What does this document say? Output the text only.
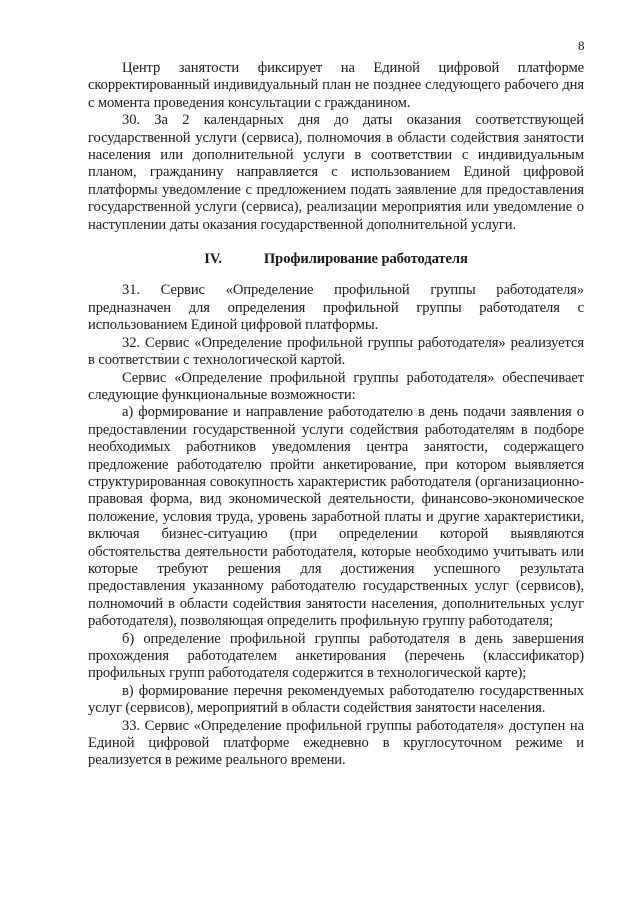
8

Центр занятости фиксирует на Единой цифровой платформе скорректированный индивидуальный план не позднее следующего рабочего дня с момента проведения консультации с гражданином.

30. За 2 календарных дня до даты оказания соответствующей государственной услуги (сервиса), полномочия в области содействия занятости населения или дополнительной услуги в соответствии с индивидуальным планом, гражданину направляется с использованием Единой цифровой платформы уведомление с предложением подать заявление для предоставления государственной услуги (сервиса), реализации мероприятия или уведомление о наступлении даты оказания государственной дополнительной услуги.

IV.	Профилирование работодателя

31. Сервис «Определение профильной группы работодателя» предназначен для определения профильной группы работодателя с использованием Единой цифровой платформы.

32. Сервис «Определение профильной группы работодателя» реализуется в соответствии с технологической картой.

Сервис «Определение профильной группы работодателя» обеспечивает следующие функциональные возможности:

а) формирование и направление работодателю в день подачи заявления о предоставлении государственной услуги содействия работодателям в подборе необходимых работников уведомления центра занятости, содержащего предложение работодателю пройти анкетирование, при котором выявляется структурированная совокупность характеристик работодателя (организационно-правовая форма, вид экономической деятельности, финансово-экономическое положение, условия труда, уровень заработной платы и другие характеристики, включая бизнес-ситуацию (при определении которой выявляются обстоятельства деятельности работодателя, которые необходимо учитывать или которые требуют решения для достижения успешного результата предоставления указанному работодателю государственных услуг (сервисов), полномочий в области содействия занятости населения, дополнительных услуг работодателя), позволяющая определить профильную группу работодателя;

б) определение профильной группы работодателя в день завершения прохождения работодателем анкетирования (перечень (классификатор) профильных групп работодателя содержится в технологической карте);

в) формирование перечня рекомендуемых работодателю государственных услуг (сервисов), мероприятий в области содействия занятости населения.

33. Сервис «Определение профильной группы работодателя» доступен на Единой цифровой платформе ежедневно в круглосуточном режиме и реализуется в режиме реального времени.
